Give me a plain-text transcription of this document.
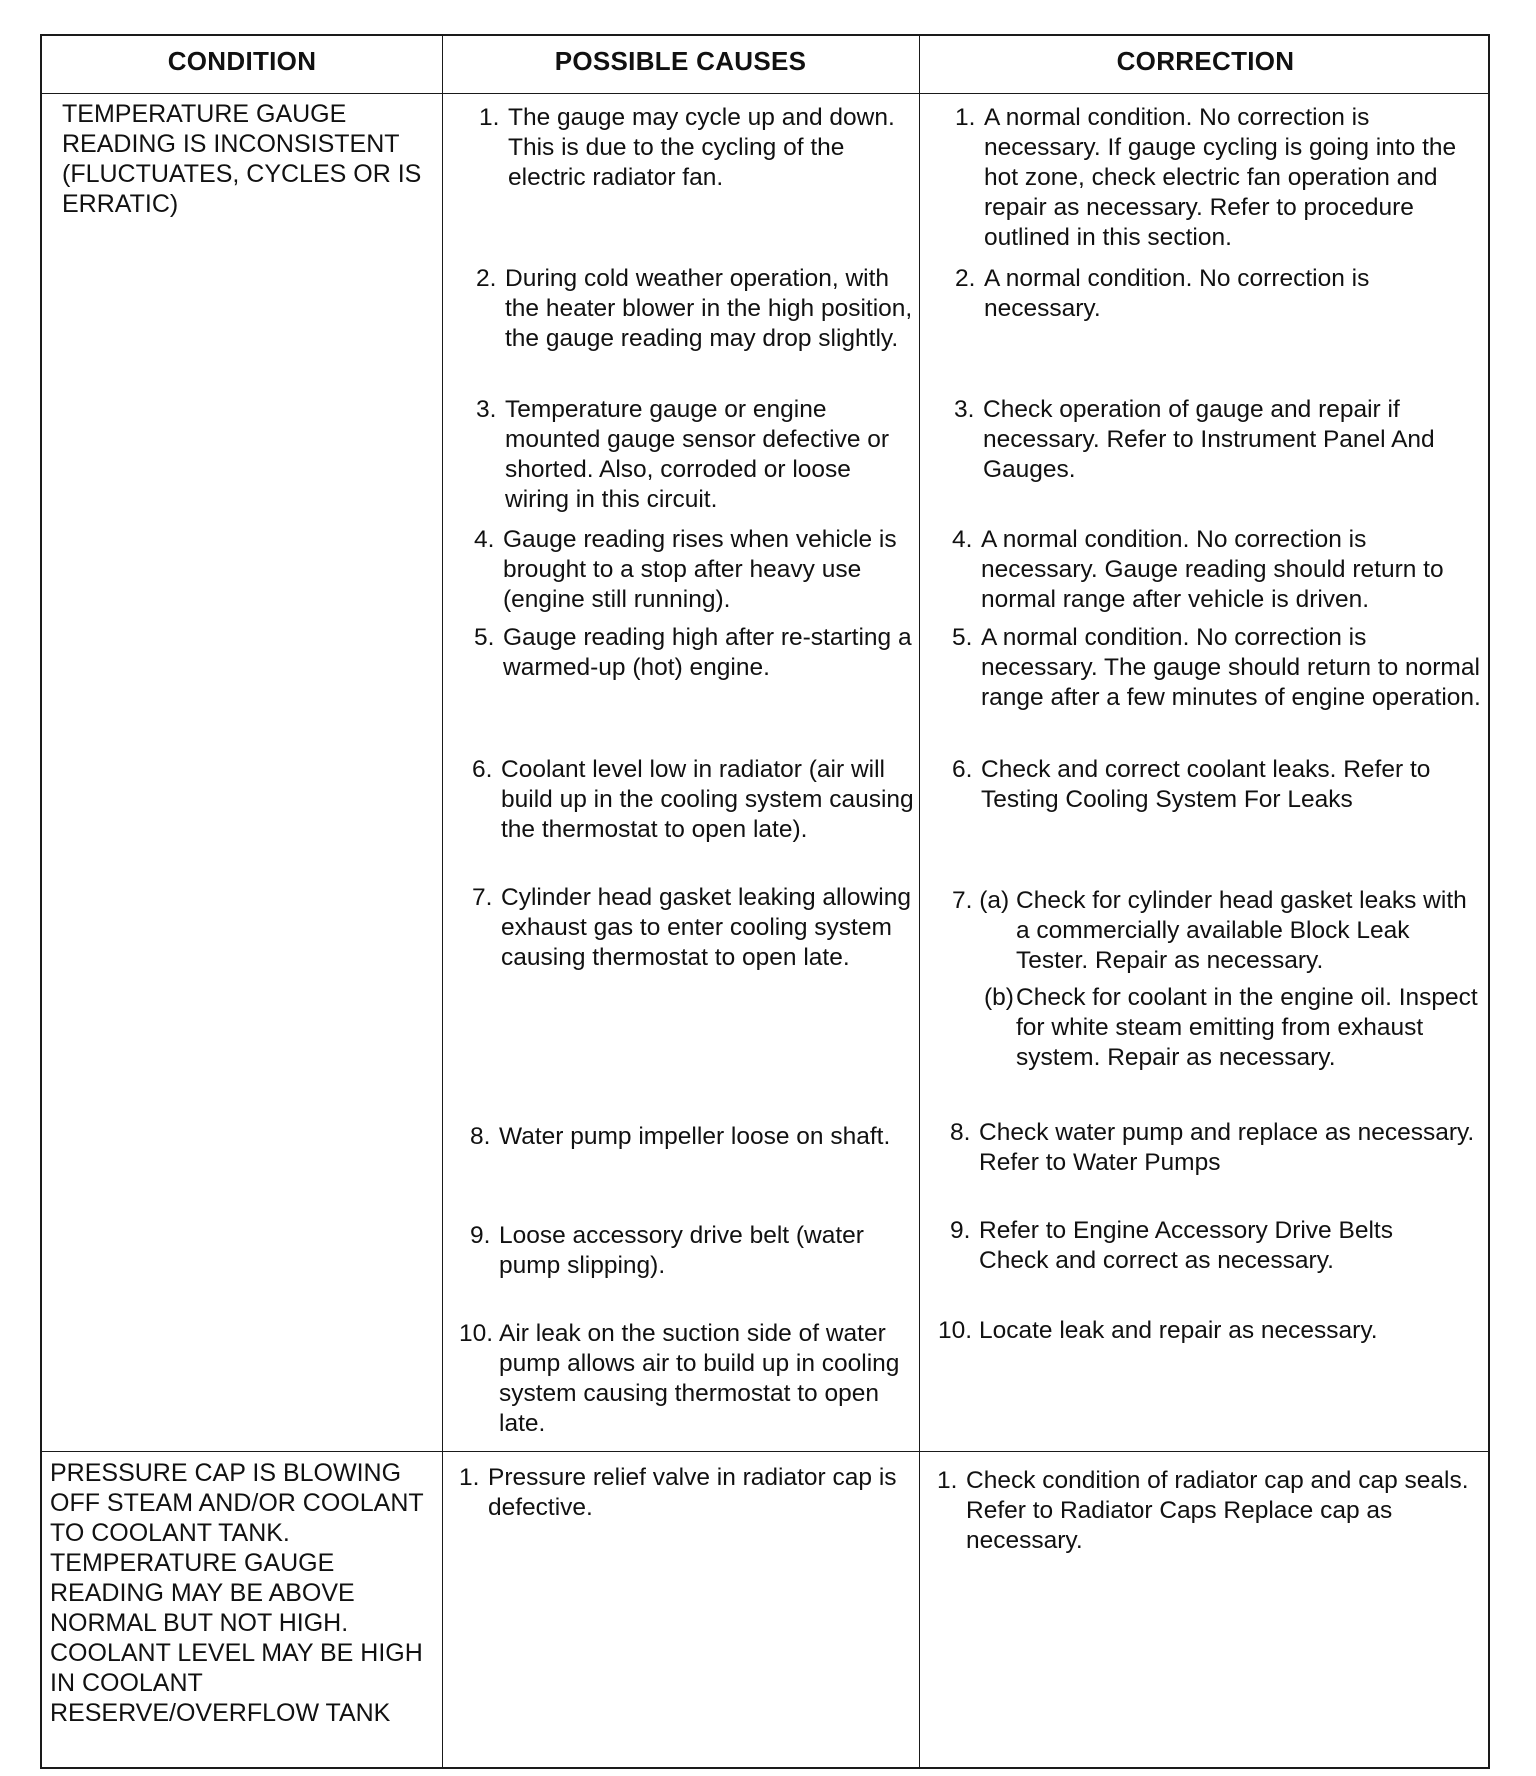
CONDITION	POSSIBLE CAUSES	CORRECTION
TEMPERATURE GAUGE READING IS INCONSISTENT (FLUCTUATES, CYCLES OR IS ERRATIC)
1. The gauge may cycle up and down. This is due to the cycling of the electric radiator fan.
2. During cold weather operation, with the heater blower in the high position, the gauge reading may drop slightly.
3. Temperature gauge or engine mounted gauge sensor defective or shorted. Also, corroded or loose wiring in this circuit.
4. Gauge reading rises when vehicle is brought to a stop after heavy use (engine still running).
5. Gauge reading high after re-starting a warmed-up (hot) engine.
6. Coolant level low in radiator (air will build up in the cooling system causing the thermostat to open late).
7. Cylinder head gasket leaking allowing exhaust gas to enter cooling system causing thermostat to open late.
8. Water pump impeller loose on shaft.
9. Loose accessory drive belt (water pump slipping).
10. Air leak on the suction side of water pump allows air to build up in cooling system causing thermostat to open late.
1. A normal condition. No correction is necessary. If gauge cycling is going into the hot zone, check electric fan operation and repair as necessary. Refer to procedure outlined in this section.
2. A normal condition. No correction is necessary.
3. Check operation of gauge and repair if necessary. Refer to Instrument Panel And Gauges.
4. A normal condition. No correction is necessary. Gauge reading should return to normal range after vehicle is driven.
5. A normal condition. No correction is necessary. The gauge should return to normal range after a few minutes of engine operation.
6. Check and correct coolant leaks. Refer to Testing Cooling System For Leaks
7. (a) Check for cylinder head gasket leaks with a commercially available Block Leak Tester. Repair as necessary.
(b) Check for coolant in the engine oil. Inspect for white steam emitting from exhaust system. Repair as necessary.
8. Check water pump and replace as necessary. Refer to Water Pumps
9. Refer to Engine Accessory Drive Belts Check and correct as necessary.
10. Locate leak and repair as necessary.
PRESSURE CAP IS BLOWING OFF STEAM AND/OR COOLANT TO COOLANT TANK. TEMPERATURE GAUGE READING MAY BE ABOVE NORMAL BUT NOT HIGH. COOLANT LEVEL MAY BE HIGH IN COOLANT RESERVE/OVERFLOW TANK
1. Pressure relief valve in radiator cap is defective.
1. Check condition of radiator cap and cap seals. Refer to Radiator Caps Replace cap as necessary.
